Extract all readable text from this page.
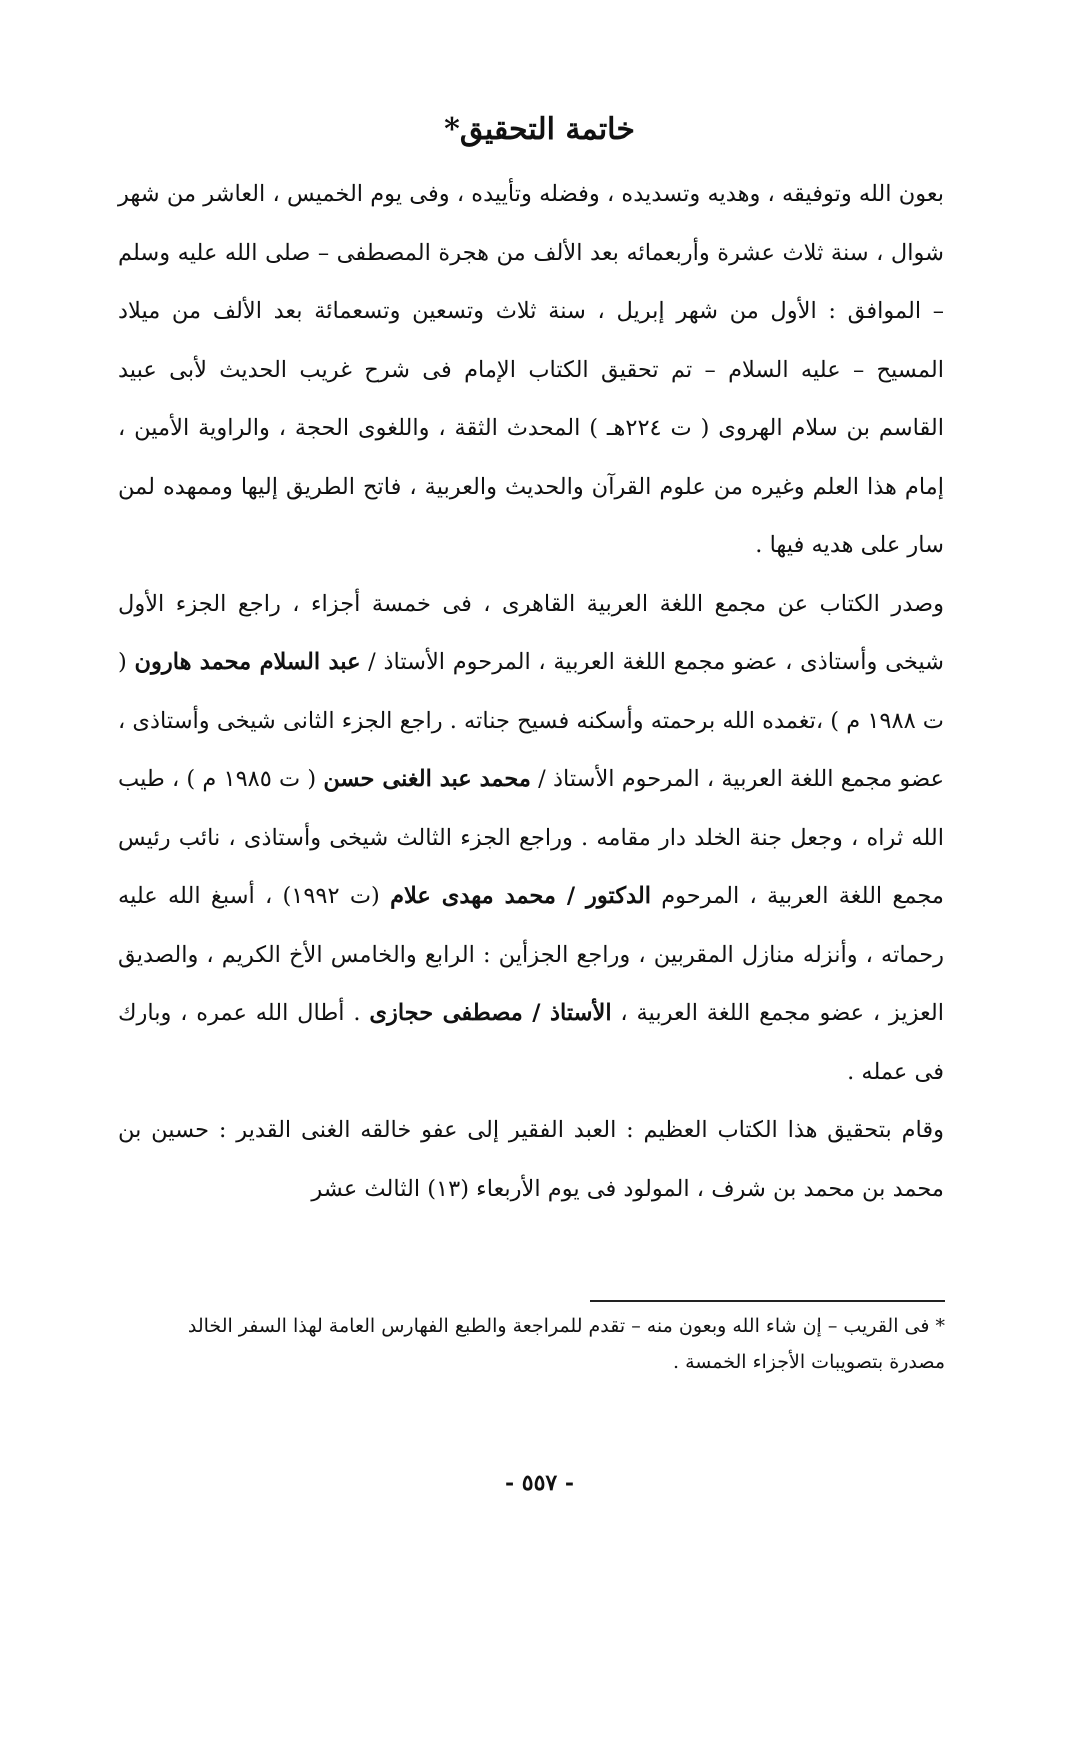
خاتمة التحقيق*

بعون الله وتوفيقه ، وهديه وتسديده ، وفضله وتأييده ، وفى يوم الخميس ، العاشر من شهر شوال ، سنة ثلاث عشرة وأربعمائه بعد الألف من هجرة المصطفى – صلى الله عليه وسلم – الموافق : الأول من شهر إبريل ، سنة ثلاث وتسعين وتسعمائة بعد الألف من ميلاد المسيح – عليه السلام – تم تحقيق الكتاب الإمام فى شرح غريب الحديث لأبى عبيد القاسم بن سلام الهروى ( ت ٢٢٤هـ ) المحدث الثقة ، واللغوى الحجة ، والراوية الأمين ، إمام هذا العلم وغيره من علوم القرآن والحديث والعربية ، فاتح الطريق إليها وممهده لمن سار على هديه فيها .

وصدر الكتاب عن مجمع اللغة العربية القاهرى ، فى خمسة أجزاء ، راجع الجزء الأول شيخى وأستاذى ، عضو مجمع اللغة العربية ، المرحوم الأستاذ / عبد السلام محمد هارون ( ت ١٩٨٨ م ) ،تغمده الله برحمته وأسكنه فسيح جناته . راجع الجزء الثانى شيخى وأستاذى ، عضو مجمع اللغة العربية ، المرحوم الأستاذ / محمد عبد الغنى حسن ( ت ١٩٨٥ م ) ، طيب الله ثراه ، وجعل جنة الخلد دار مقامه . وراجع الجزء الثالث شيخى وأستاذى ، نائب رئيس مجمع اللغة العربية ، المرحوم الدكتور / محمد مهدى علام (ت ١٩٩٢) ، أسبغ الله عليه رحماته ، وأنزله منازل المقربين ، وراجع الجزأين : الرابع والخامس الأخ الكريم ، والصديق العزيز ، عضو مجمع اللغة العربية ، الأستاذ / مصطفى حجازى . أطال الله عمره ، وبارك فى عمله .

وقام بتحقيق هذا الكتاب العظيم : العبد الفقير إلى عفو خالقه الغنى القدير : حسين بن محمد بن محمد بن شرف ، المولود فى يوم الأربعاء (١٣) الثالث عشر

* فى القريب – إن شاء الله وبعون منه – تقدم للمراجعة والطبع الفهارس العامة لهذا السفر الخالد مصدرة بتصويبات الأجزاء الخمسة .
- ٥٥٧ -
